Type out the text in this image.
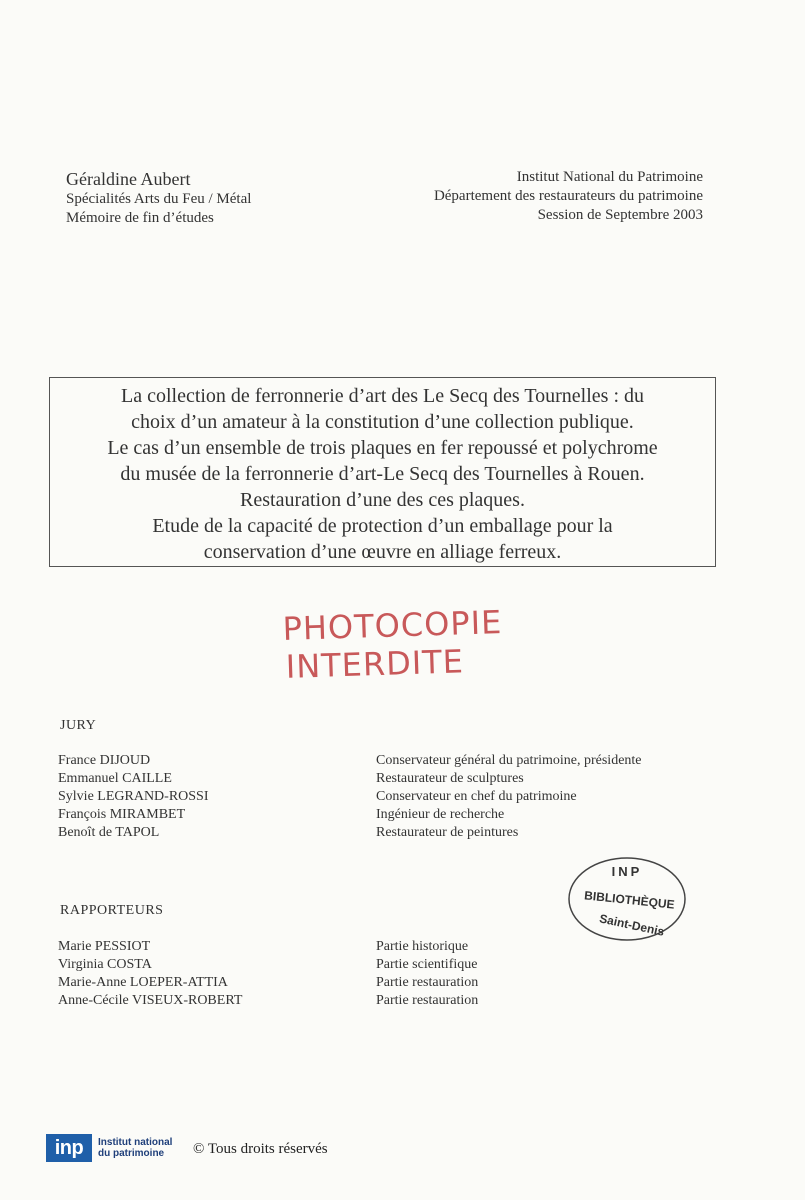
Géraldine Aubert
Spécialités Arts du Feu / Métal
Mémoire de fin d’études
Institut National du Patrimoine
Département des restaurateurs du patrimoine
Session de Septembre 2003
La collection de ferronnerie d’art des Le Secq des Tournelles : du
choix d’un amateur à la constitution d’une collection publique.
Le cas d’un ensemble de trois plaques en fer repoussé et polychrome
du musée de la ferronnerie d’art-Le Secq des Tournelles à Rouen.
Restauration d’une des ces plaques.
Etude de la capacité de protection d’un emballage pour la
conservation d’une œuvre en alliage ferreux.
PHOTOCOPIE
INTERDITE
JURY
France DIJOUD
Emmanuel CAILLE
Sylvie LEGRAND-ROSSI
François MIRAMBET
Benoît de TAPOL
Conservateur général du patrimoine, présidente
Restaurateur de sculptures
Conservateur en chef du patrimoine
Ingénieur de recherche
Restaurateur de peintures
INP
BIBLIOTHÈQUE
Saint-Denis
RAPPORTEURS
Marie PESSIOT
Virginia COSTA
Marie-Anne LOEPER-ATTIA
Anne-Cécile VISEUX-ROBERT
Partie historique
Partie scientifique
Partie restauration
Partie restauration
inp	Institut national
du patrimoine	© Tous droits réservés
